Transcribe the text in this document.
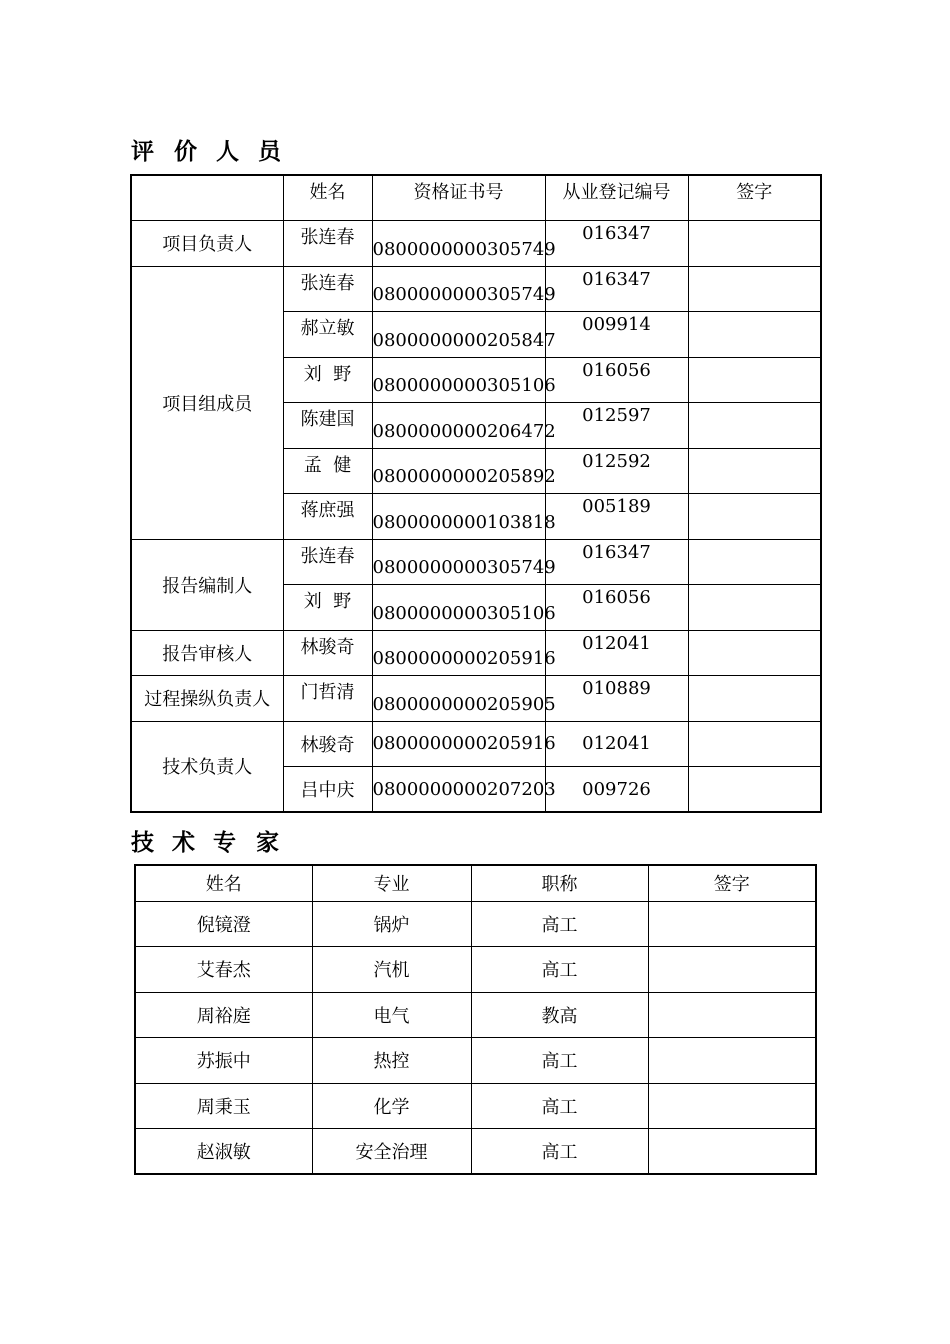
评 价 人 员
	姓名	资格证书号	从业登记编号	签字
项目负责人	张连春	0800000000305749	016347	
项目组成员	张连春	0800000000305749	016347	
	郝立敏	0800000000205847	009914	
	刘  野	0800000000305106	016056	
	陈建国	0800000000206472	012597	
	孟  健	0800000000205892	012592	
	蒋庶强	0800000000103818	005189	
报告编制人	张连春	0800000000305749	016347	
	刘  野	0800000000305106	016056	
报告审核人	林骏奇	0800000000205916	012041	
过程操纵负责人	门哲清	0800000000205905	010889	
技术负责人	林骏奇	0800000000205916	012041	
	吕中庆	0800000000207203	009726	
技 术 专 家
姓名	专业	职称	签字
倪镜澄	锅炉	高工	
艾春杰	汽机	高工	
周裕庭	电气	教高	
苏振中	热控	高工	
周秉玉	化学	高工	
赵淑敏	安全治理	高工	
